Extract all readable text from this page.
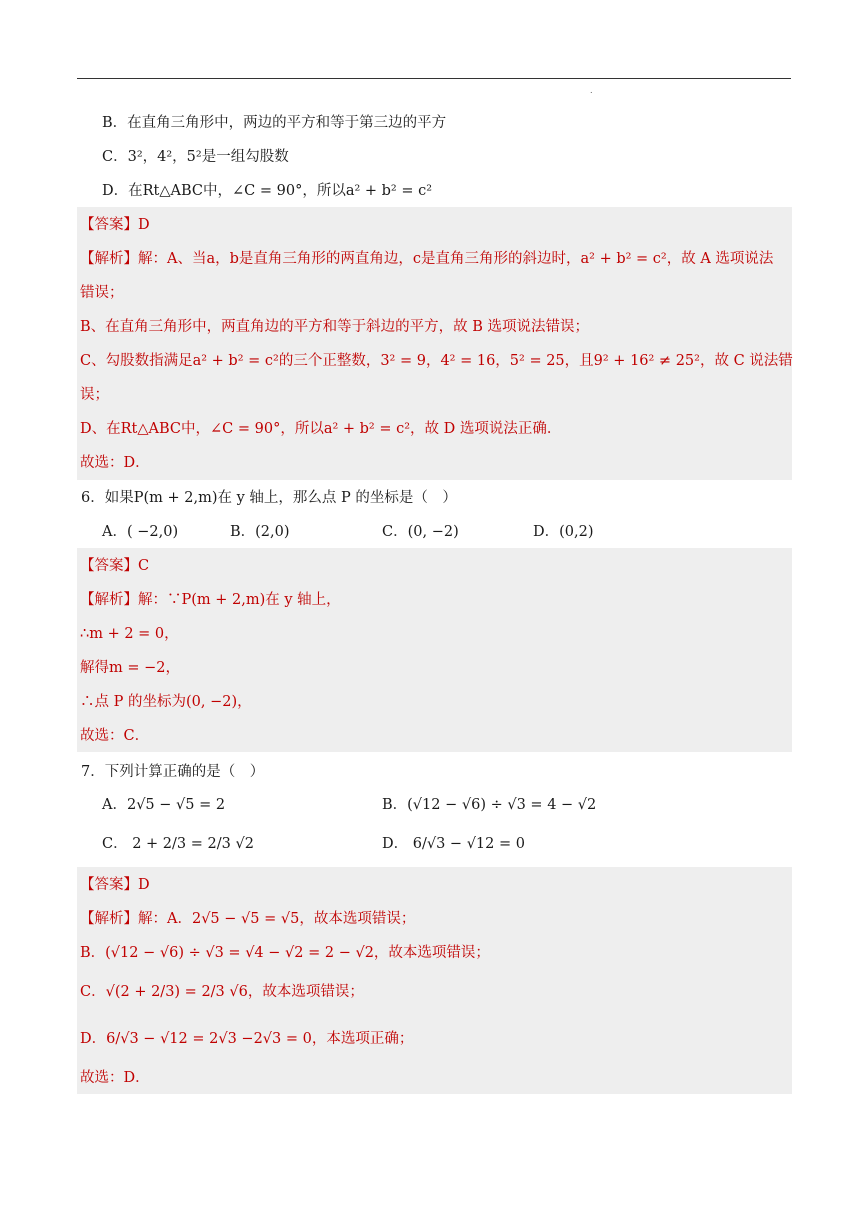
.
B．在直角三角形中，两边的平方和等于第三边的平方
C．3²，4²，5²是一组勾股数
D．在Rt△ABC中，∠C = 90°，所以a² + b² = c²
【答案】D
【解析】解：A、当a，b是直角三角形的两直角边，c是直角三角形的斜边时，a² + b² = c²，故 A 选项说法
错误；
B、在直角三角形中，两直角边的平方和等于斜边的平方，故 B 选项说法错误；
C、勾股数指满足a² + b² = c²的三个正整数，3² = 9，4² = 16，5² = 25，且9² + 16² ≠ 25²，故 C 说法错
误；
D、在Rt△ABC中，∠C = 90°，所以a² + b² = c²，故 D 选项说法正确．
故选：D．
6．如果P(m + 2,m)在 y 轴上，那么点 P 的坐标是（　）
A．( −2,0)	B．(2,0)	C．(0, −2)	D．(0,2)
【答案】C
【解析】解：∵P(m + 2,m)在 y 轴上，
∴m + 2 = 0，
解得m = −2，
∴点 P 的坐标为(0, −2)，
故选：C．
7．下列计算正确的是（　）
A．2√5 − √5 = 2	B．(√12 − √6) ÷ √3 = 4 − √2
C． 2 + 2/3 = 2/3 √2	D． 6/√3 − √12 = 0
【答案】D
【解析】解：A．2√5 − √5 = √5，故本选项错误；
B．(√12 − √6) ÷ √3 = √4 − √2 = 2 − √2，故本选项错误；
C．√(2 + 2/3) = 2/3 √6，故本选项错误；
D．6/√3 − √12 = 2√3 −2√3 = 0，本选项正确；
故选：D．
